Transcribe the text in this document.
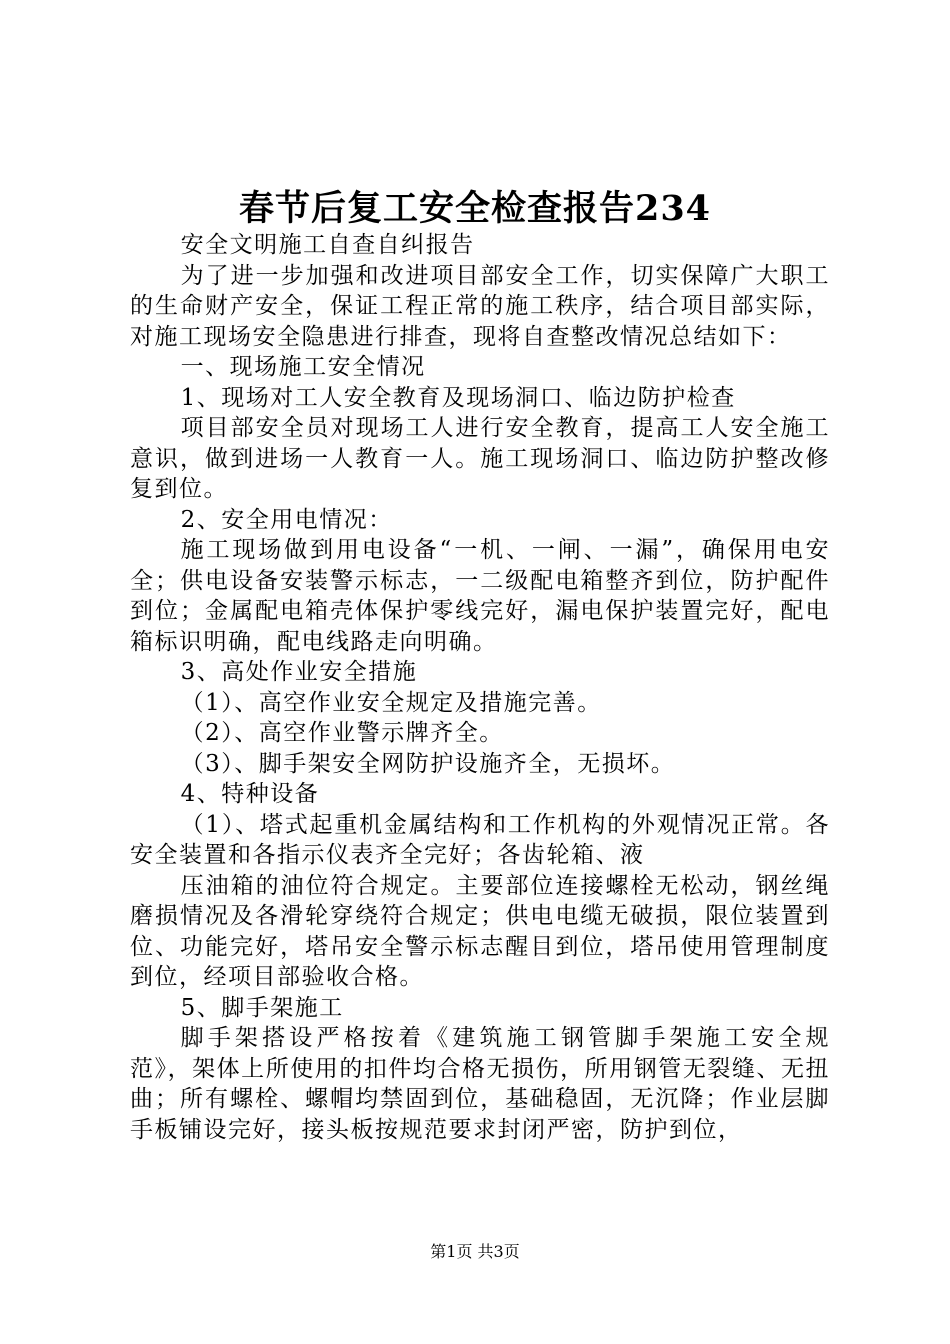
春节后复工安全检查报告234

安全文明施工自查自纠报告

为了进一步加强和改进项目部安全工作，切实保障广大职工的生命财产安全，保证工程正常的施工秩序，结合项目部实际，对施工现场安全隐患进行排查，现将自查整改情况总结如下：

一、现场施工安全情况

1、现场对工人安全教育及现场洞口、临边防护检查

项目部安全员对现场工人进行安全教育，提高工人安全施工意识，做到进场一人教育一人。施工现场洞口、临边防护整改修复到位。

2、安全用电情况：

施工现场做到用电设备“一机、一闸、一漏”，确保用电安全；供电设备安装警示标志，一二级配电箱整齐到位，防护配件到位；金属配电箱壳体保护零线完好，漏电保护装置完好，配电箱标识明确，配电线路走向明确。

3、高处作业安全措施

（1）、高空作业安全规定及措施完善。

（2）、高空作业警示牌齐全。

（3）、脚手架安全网防护设施齐全，无损坏。

4、特种设备

（1）、塔式起重机金属结构和工作机构的外观情况正常。各安全装置和各指示仪表齐全完好；各齿轮箱、液

压油箱的油位符合规定。主要部位连接螺栓无松动，钢丝绳磨损情况及各滑轮穿绕符合规定；供电电缆无破损，限位装置到位、功能完好，塔吊安全警示标志醒目到位，塔吊使用管理制度到位，经项目部验收合格。

5、脚手架施工

脚手架搭设严格按着《建筑施工钢管脚手架施工安全规范》，架体上所使用的扣件均合格无损伤，所用钢管无裂缝、无扭曲；所有螺栓、螺帽均禁固到位，基础稳固，无沉降；作业层脚手板铺设完好，接头板按规范要求封闭严密，防护到位，

第1页 共3页
